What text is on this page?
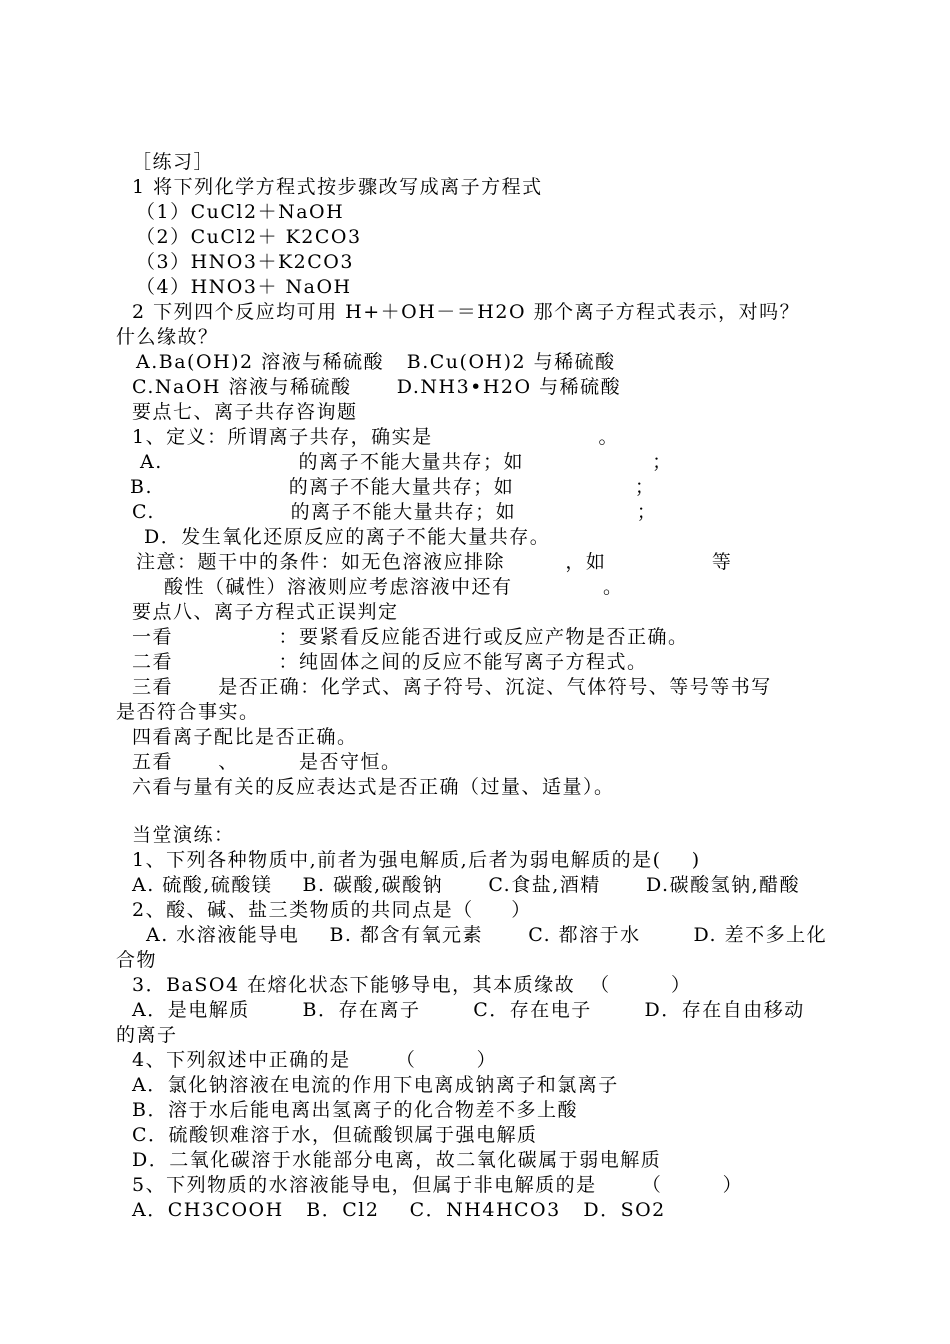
［练习］
1 将下列化学方程式按步骤改写成离子方程式
（1）CuCl2＋NaOH
（2）CuCl2＋ K2CO3
（3）HNO3＋K2CO3
（4）HNO3＋ NaOH
2 下列四个反应均可用 H+＋OH－＝H2O 那个离子方程式表示，对吗？
什么缘故？
A.Ba(OH)2 溶液与稀硫酸   B.Cu(OH)2 与稀硫酸
C.NaOH 溶液与稀硫酸      D.NH3•H2O 与稀硫酸
要点七、离子共存咨询题
1、定义：所谓离子共存，确实是                      。
A.                  的离子不能大量共存；如                 ；
B.                  的离子不能大量共存；如                ；
C.                  的离子不能大量共存；如                ；
D．发生氧化还原反应的离子不能大量共存。
注意：题干中的条件：如无色溶液应排除        ，如              等
酸性（碱性）溶液则应考虑溶液中还有            。
要点八、离子方程式正误判定
一看              ：要紧看反应能否进行或反应产物是否正确。
二看              ：纯固体之间的反应不能写离子方程式。
三看      是否正确：化学式、离子符号、沉淀、气体符号、等号等书写
是否符合事实。
四看离子配比是否正确。
五看      、        是否守恒。
六看与量有关的反应表达式是否正确（过量、适量）。
当堂演练：
1、下列各种物质中,前者为强电解质,后者为弱电解质的是(    )
A. 硫酸,硫酸镁    B. 碳酸,碳酸钠      C.食盐,酒精      D.碳酸氢钠,醋酸
2、酸、碱、盐三类物质的共同点是（     ）
A. 水溶液能导电    B. 都含有氧元素      C. 都溶于水       D. 差不多上化
合物
3．BaSO4 在熔化状态下能够导电，其本质缘故  （        ）
A．是电解质       B．存在离子       C．存在电子       D．存在自由移动
的离子
4、下列叙述中正确的是      （        ）
A．氯化钠溶液在电流的作用下电离成钠离子和氯离子
B．溶于水后能电离出氢离子的化合物差不多上酸
C．硫酸钡难溶于水，但硫酸钡属于强电解质
D．二氧化碳溶于水能部分电离，故二氧化碳属于弱电解质
5、下列物质的水溶液能导电，但属于非电解质的是      （        ）
A．CH3COOH   B．Cl2    C．NH4HCO3   D．SO2
